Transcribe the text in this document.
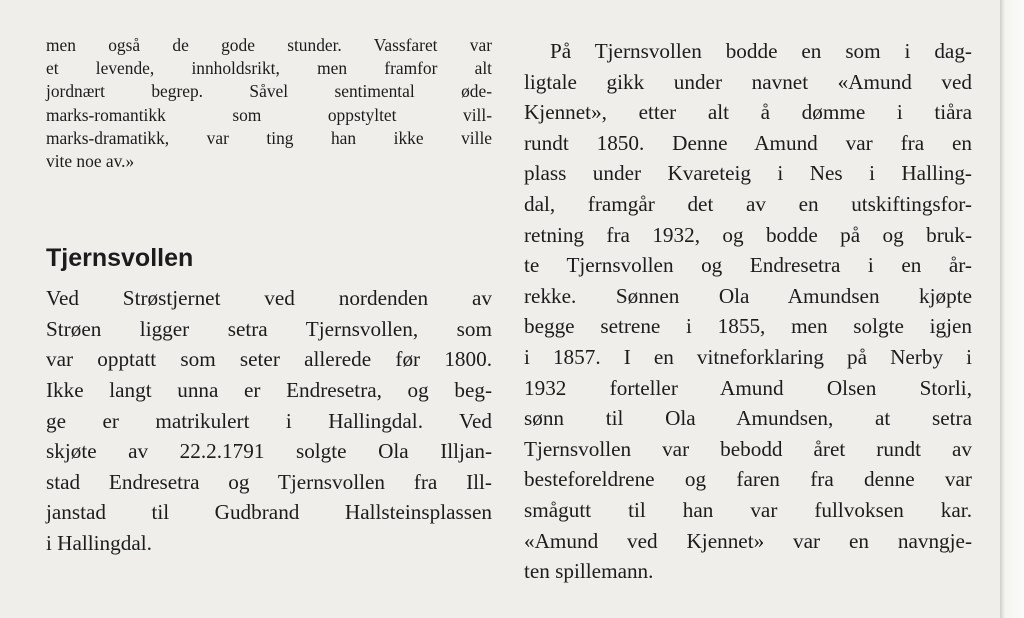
men også de gode stunder. Vassfaret var
et levende, innholdsrikt, men framfor alt
jordnært begrep. Såvel sentimental øde-
marks-romantikk som oppstyltet vill-
marks-dramatikk, var ting han ikke ville
vite noe av.»
Tjernsvollen
Ved Strøstjernet ved nordenden av
Strøen ligger setra Tjernsvollen, som
var opptatt som seter allerede før 1800.
Ikke langt unna er Endresetra, og beg-
ge er matrikulert i Hallingdal. Ved
skjøte av 22.2.1791 solgte Ola Illjan-
stad Endresetra og Tjernsvollen fra Ill-
janstad til Gudbrand Hallsteinsplassen
i Hallingdal.
På Tjernsvollen bodde en som i dag-
ligtale gikk under navnet «Amund ved
Kjennet», etter alt å dømme i tiåra
rundt 1850. Denne Amund var fra en
plass under Kvareteig i Nes i Halling-
dal, framgår det av en utskiftingsfor-
retning fra 1932, og bodde på og bruk-
te Tjernsvollen og Endresetra i en år-
rekke. Sønnen Ola Amundsen kjøpte
begge setrene i 1855, men solgte igjen
i 1857. I en vitneforklaring på Nerby i
1932 forteller Amund Olsen Storli,
sønn til Ola Amundsen, at setra
Tjernsvollen var bebodd året rundt av
besteforeldrene og faren fra denne var
smågutt til han var fullvoksen kar.
«Amund ved Kjennet» var en navngje-
ten spillemann.
